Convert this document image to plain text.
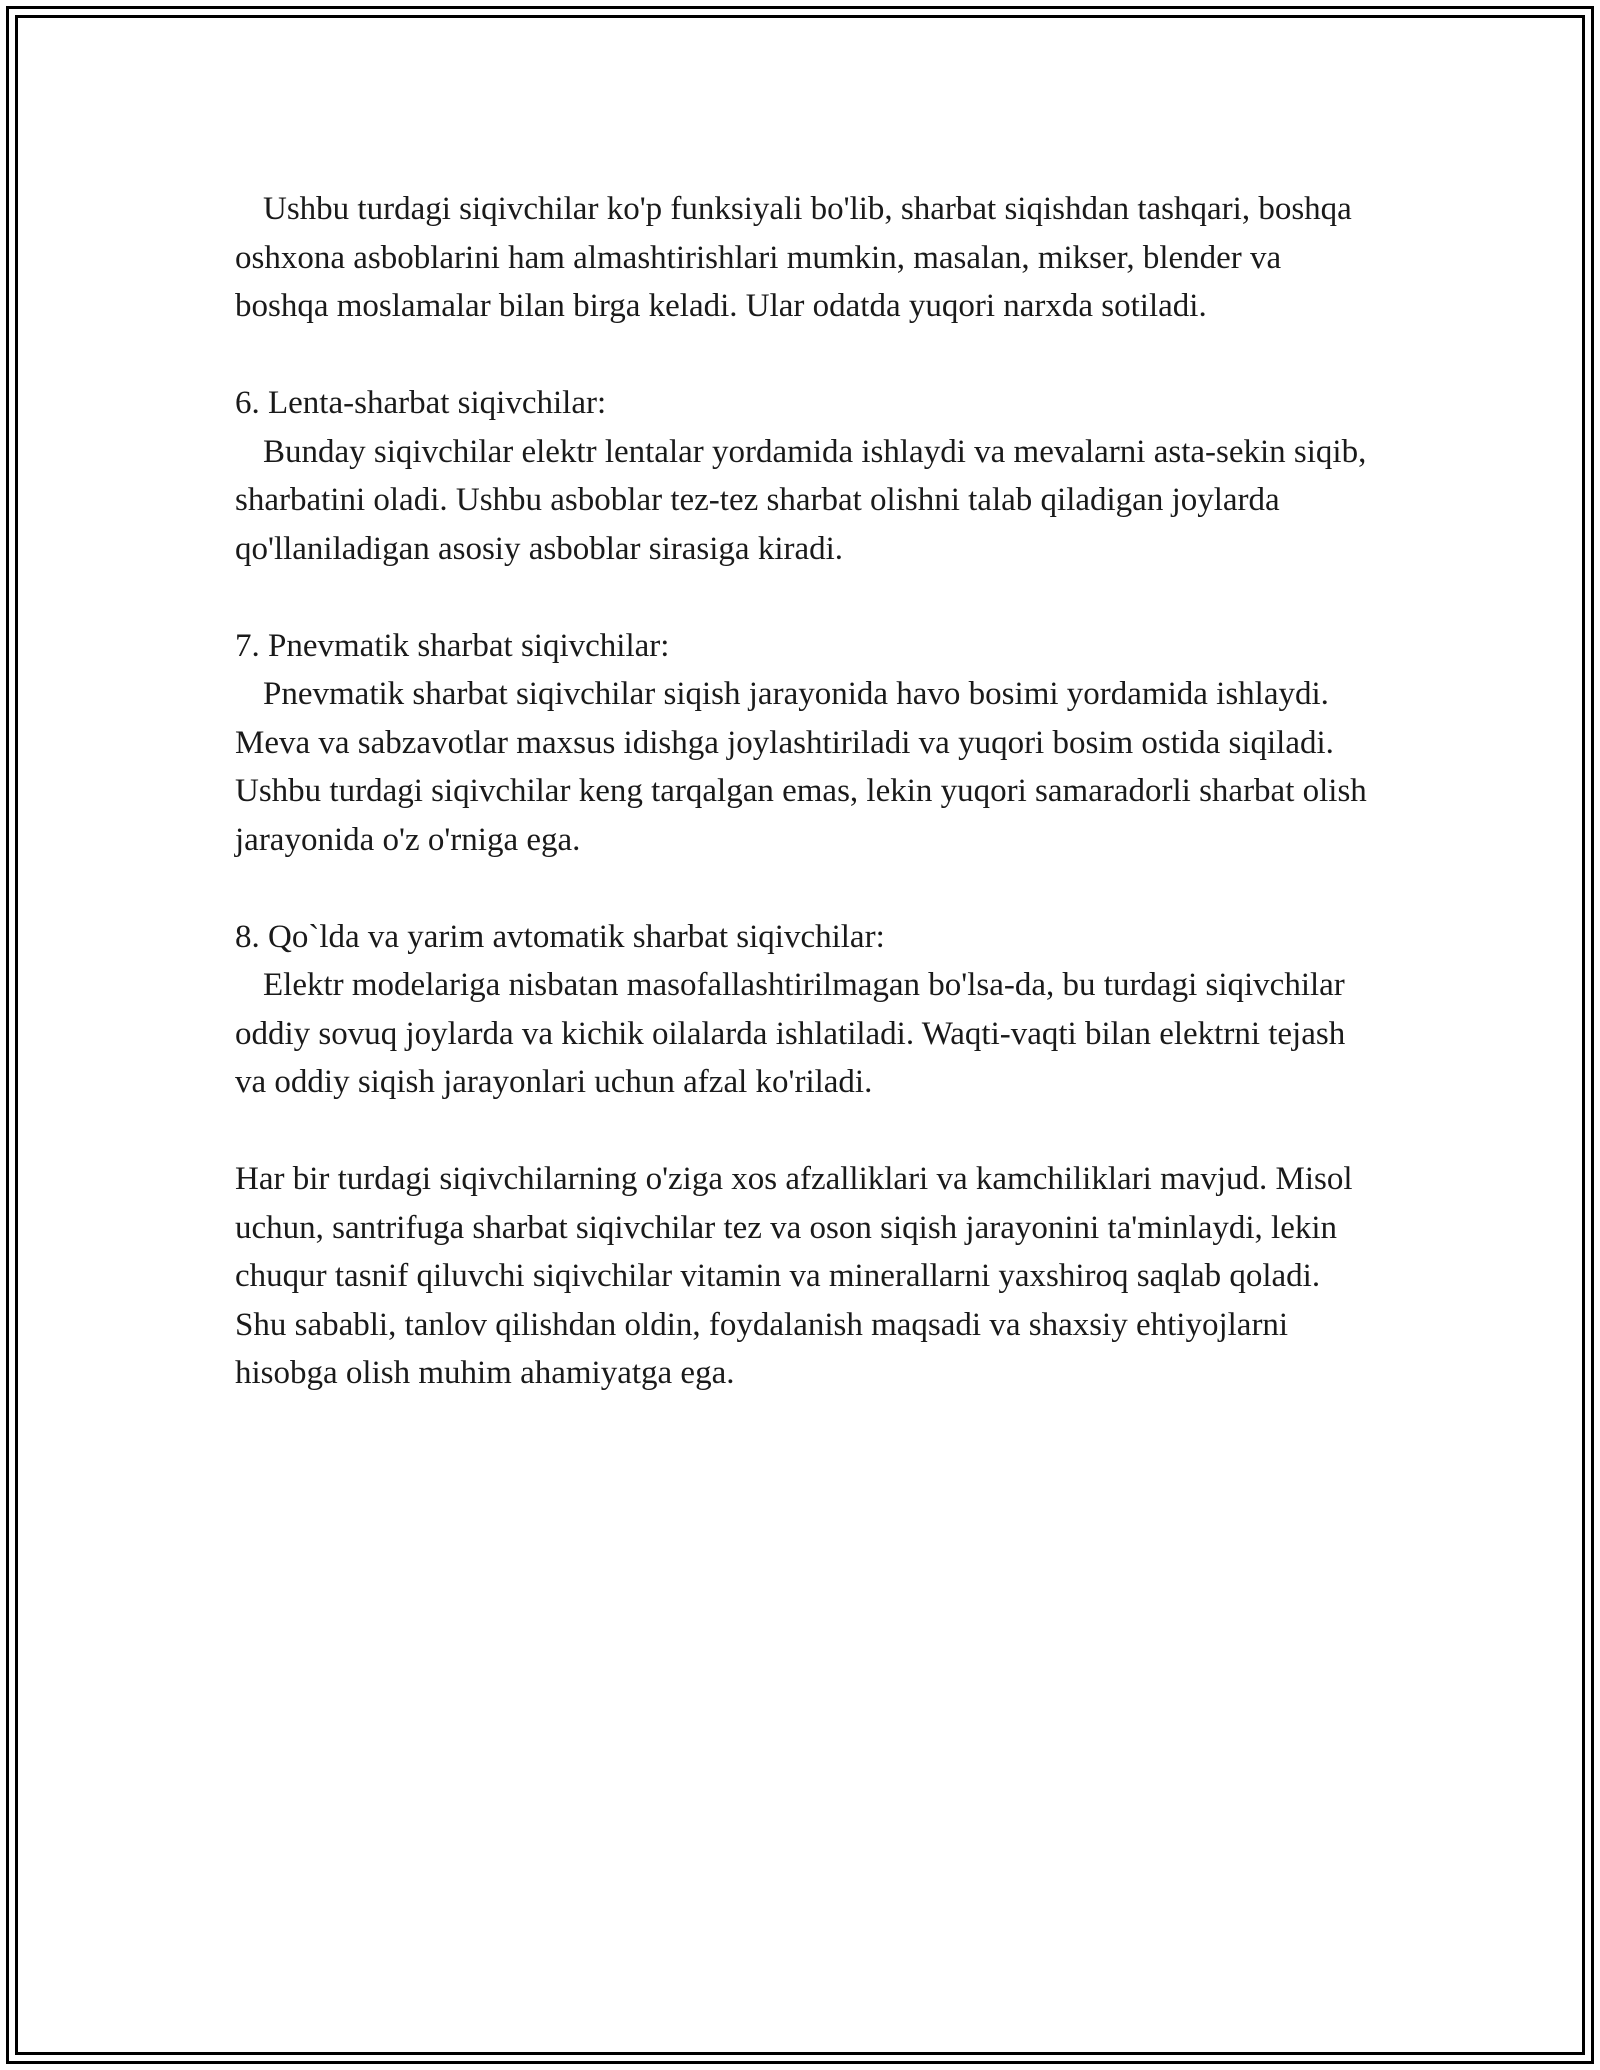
Ushbu turdagi siqivchilar ko'p funksiyali bo'lib, sharbat siqishdan tashqari, boshqa oshxona asboblarini ham almashtirishlari mumkin, masalan, mikser, blender va boshqa moslamalar bilan birga keladi. Ular odatda yuqori narxda sotiladi.

6. Lenta-sharbat siqivchilar:
Bunday siqivchilar elektr lentalar yordamida ishlaydi va mevalarni asta-sekin siqib, sharbatini oladi. Ushbu asboblar tez-tez sharbat olishni talab qiladigan joylarda qo'llaniladigan asosiy asboblar sirasiga kiradi.

7. Pnevmatik sharbat siqivchilar:
Pnevmatik sharbat siqivchilar siqish jarayonida havo bosimi yordamida ishlaydi. Meva va sabzavotlar maxsus idishga joylashtiriladi va yuqori bosim ostida siqiladi. Ushbu turdagi siqivchilar keng tarqalgan emas, lekin yuqori samaradorli sharbat olish jarayonida o'z o'rniga ega.

8. Qo`lda va yarim avtomatik sharbat siqivchilar:
Elektr modelariga nisbatan masofallashtirilmagan bo'lsa-da, bu turdagi siqivchilar oddiy sovuq joylarda va kichik oilalarda ishlatiladi. Waqti-vaqti bilan elektrni tejash va oddiy siqish jarayonlari uchun afzal ko'riladi.

Har bir turdagi siqivchilarning o'ziga xos afzalliklari va kamchiliklari mavjud. Misol uchun, santrifuga sharbat siqivchilar tez va oson siqish jarayonini ta'minlaydi, lekin chuqur tasnif qiluvchi siqivchilar vitamin va minerallarni yaxshiroq saqlab qoladi. Shu sababli, tanlov qilishdan oldin, foydalanish maqsadi va shaxsiy ehtiyojlarni hisobga olish muhim ahamiyatga ega.
